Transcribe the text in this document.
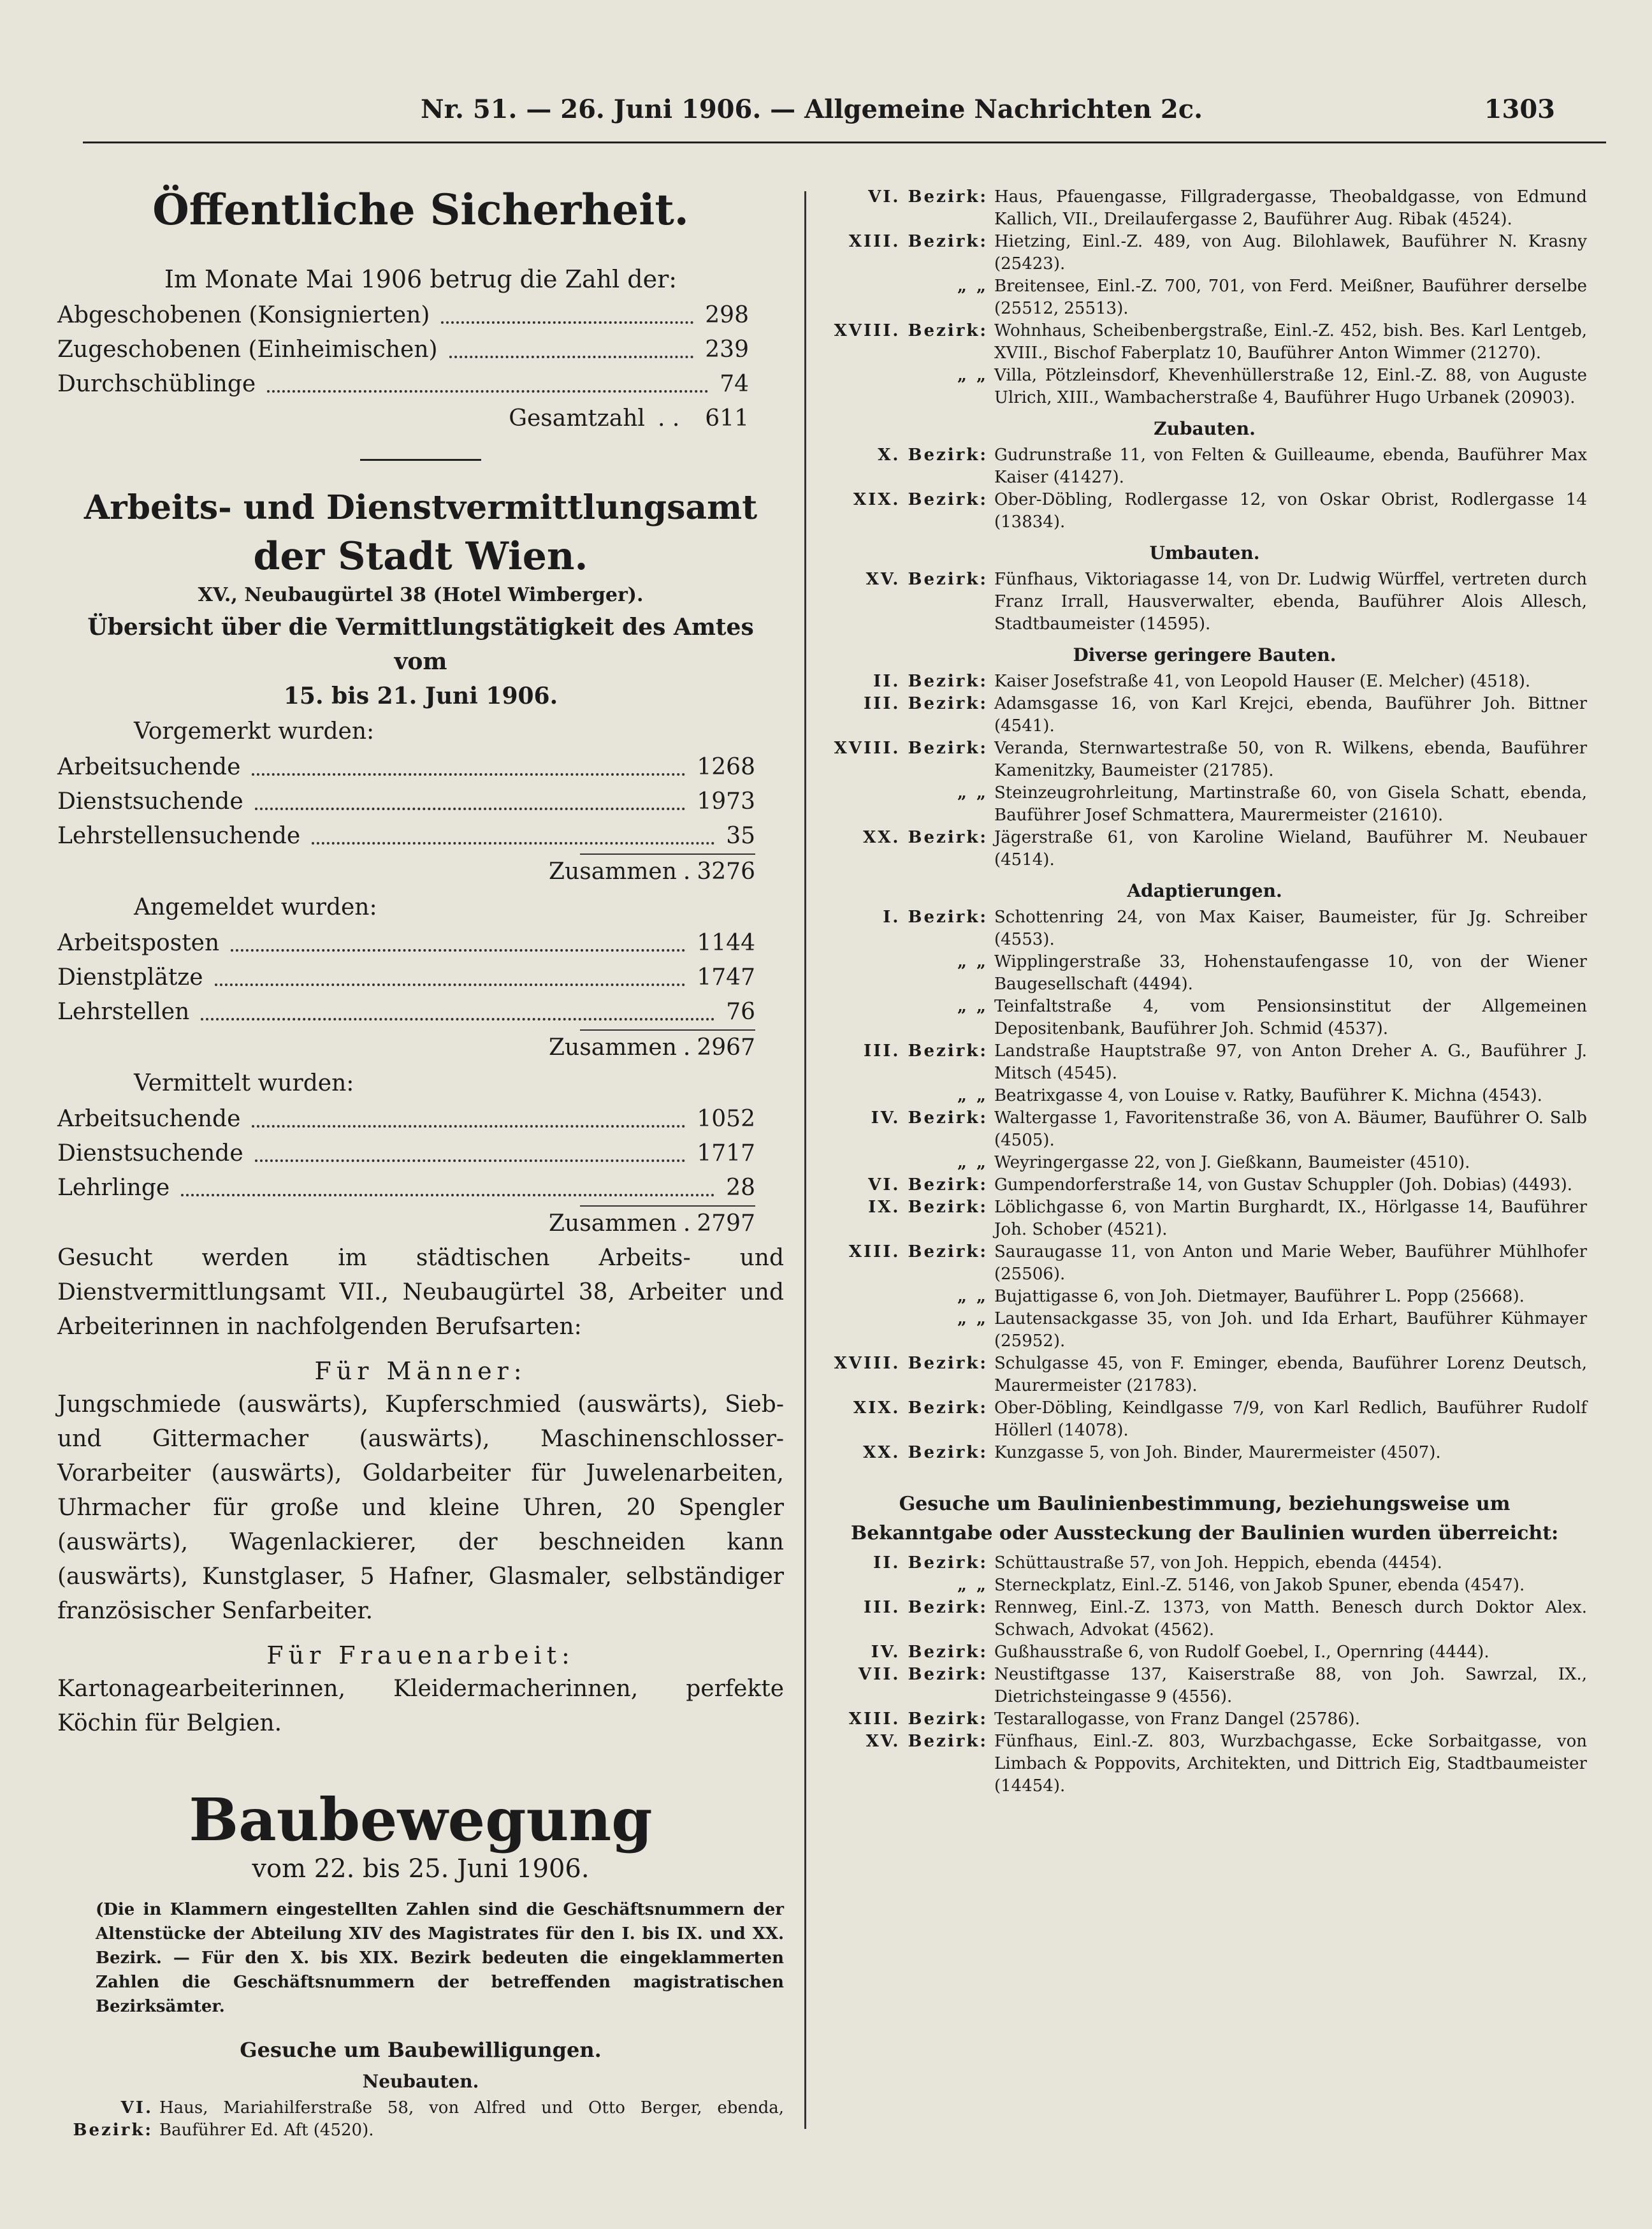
Nr. 51. — 26. Juni 1906. — Allgemeine Nachrichten 2c.	1303
Öffentliche Sicherheit.
Im Monate Mai 1906 betrug die Zahl der:
Abgeschobenen (Konsignierten)	298
Zugeschobenen (Einheimischen)	239
Durchschüblinge	74
Gesamtzahl . . 611
Arbeits- und Dienstvermittlungsamt
der Stadt Wien.
XV., Neubaugürtel 38 (Hotel Wimberger).
Übersicht über die Vermittlungstätigkeit des Amtes vom
15. bis 21. Juni 1906.
Vorgemerkt wurden:
Arbeitsuchende	1268
Dienstsuchende	1973
Lehrstellensuchende	35
Zusammen . 3276
Angemeldet wurden:
Arbeitsposten	1144
Dienstplätze	1747
Lehrstellen	76
Zusammen . 2967
Vermittelt wurden:
Arbeitsuchende	1052
Dienstsuchende	1717
Lehrlinge	28
Zusammen . 2797

Gesucht werden im städtischen Arbeits- und Dienstvermittlungsamt VII., Neubaugürtel 38, Arbeiter und Arbeiterinnen in nachfolgenden Berufsarten:

Für Männer:

Jungschmiede (auswärts), Kupferschmied (auswärts), Sieb- und Gittermacher (auswärts), Maschinenschlosser-Vorarbeiter (auswärts), Goldarbeiter für Juwelenarbeiten, Uhrmacher für große und kleine Uhren, 20 Spengler (auswärts), Wagenlackierer, der beschneiden kann (auswärts), Kunstglaser, 5 Hafner, Glasmaler, selbständiger französischer Senfarbeiter.

Für Frauenarbeit:

Kartonagearbeiterinnen, Kleidermacherinnen, perfekte Köchin für Belgien.

Baubewegung
vom 22. bis 25. Juni 1906.

(Die in Klammern eingestellten Zahlen sind die Geschäftsnummern der Altenstücke der Abteilung XIV des Magistrates für den I. bis IX. und XX. Bezirk. — Für den X. bis XIX. Bezirk bedeuten die eingeklammerten Zahlen die Geschäftsnummern der betreffenden magistratischen Bezirksämter.

Gesuche um Baubewilligungen.
Neubauten.
VI. Bezirk:
Haus, Mariahilferstraße 58, von Alfred und Otto Berger, ebenda, Bauführer Ed. Aft (4520).
VI. Bezirk: Haus, Pfauengasse, Fillgradergasse, Theobaldgasse, von Edmund Kallich, VII., Dreilaufergasse 2, Bauführer Aug. Ribak (4524).
XIII. Bezirk: Hietzing, Einl.-Z. 489, von Aug. Bilohlawek, Bauführer N. Krasny (25423).
„ „ Breitensee, Einl.-Z. 700, 701, von Ferd. Meißner, Bauführer derselbe (25512, 25513).
XVIII. Bezirk: Wohnhaus, Scheibenbergstraße, Einl.-Z. 452, bish. Bes. Karl Lentgeb, XVIII., Bischof Faberplatz 10, Bauführer Anton Wimmer (21270).
„ „ Villa, Pötzleinsdorf, Khevenhüllerstraße 12, Einl.-Z. 88, von Auguste Ulrich, XIII., Wambacherstraße 4, Bauführer Hugo Urbanek (20903).
Zubauten.
X. Bezirk: Gudrunstraße 11, von Felten & Guilleaume, ebenda, Bauführer Max Kaiser (41427).
XIX. Bezirk: Ober-Döbling, Rodlergasse 12, von Oskar Obrist, Rodlergasse 14 (13834).
Umbauten.
XV. Bezirk: Fünfhaus, Viktoriagasse 14, von Dr. Ludwig Würffel, vertreten durch Franz Irrall, Hausverwalter, ebenda, Bauführer Alois Allesch, Stadtbaumeister (14595).
Diverse geringere Bauten.
II. Bezirk: Kaiser Josefstraße 41, von Leopold Hauser (E. Melcher) (4518).
III. Bezirk: Adamsgasse 16, von Karl Krejci, ebenda, Bauführer Joh. Bittner (4541).
XVIII. Bezirk: Veranda, Sternwartestraße 50, von R. Wilkens, ebenda, Bauführer Kamenitzky, Baumeister (21785).
„ „ Steinzeugrohrleitung, Martinstraße 60, von Gisela Schatt, ebenda, Bauführer Josef Schmattera, Maurermeister (21610).
XX. Bezirk: Jägerstraße 61, von Karoline Wieland, Bauführer M. Neubauer (4514).
Adaptierungen.
I. Bezirk: Schottenring 24, von Max Kaiser, Baumeister, für Jg. Schreiber (4553).
„ „ Wipplingerstraße 33, Hohenstaufengasse 10, von der Wiener Baugesellschaft (4494).
„ „ Teinfaltstraße 4, vom Pensionsinstitut der Allgemeinen Depositenbank, Bauführer Joh. Schmid (4537).
III. Bezirk: Landstraße Hauptstraße 97, von Anton Dreher A. G., Bauführer J. Mitsch (4545).
„ „ Beatrixgasse 4, von Louise v. Ratky, Bauführer K. Michna (4543).
IV. Bezirk: Waltergasse 1, Favoritenstraße 36, von A. Bäumer, Bauführer O. Salb (4505).
„ „ Weyringergasse 22, von J. Gießkann, Baumeister (4510).
VI. Bezirk: Gumpendorferstraße 14, von Gustav Schuppler (Joh. Dobias) (4493).
IX. Bezirk: Löblichgasse 6, von Martin Burghardt, IX., Hörlgasse 14, Bauführer Joh. Schober (4521).
XIII. Bezirk: Sauraugasse 11, von Anton und Marie Weber, Bauführer Mühlhofer (25506).
„ „ Bujattigasse 6, von Joh. Dietmayer, Bauführer L. Popp (25668).
„ „ Lautensackgasse 35, von Joh. und Ida Erhart, Bauführer Kühmayer (25952).
XVIII. Bezirk: Schulgasse 45, von F. Eminger, ebenda, Bauführer Lorenz Deutsch, Maurermeister (21783).
XIX. Bezirk: Ober-Döbling, Keindlgasse 7/9, von Karl Redlich, Bauführer Rudolf Höllerl (14078).
XX. Bezirk: Kunzgasse 5, von Joh. Binder, Maurermeister (4507).
Gesuche um Baulinienbestimmung, beziehungsweise um Bekanntgabe oder Aussteckung der Baulinien wurden überreicht:
II. Bezirk: Schüttaustraße 57, von Joh. Heppich, ebenda (4454).
„ „ Sterneckplatz, Einl.-Z. 5146, von Jakob Spuner, ebenda (4547).
III. Bezirk: Rennweg, Einl.-Z. 1373, von Matth. Benesch durch Doktor Alex. Schwach, Advokat (4562).
IV. Bezirk: Gußhausstraße 6, von Rudolf Goebel, I., Opernring (4444).
VII. Bezirk: Neustiftgasse 137, Kaiserstraße 88, von Joh. Sawrzal, IX., Dietrichsteingasse 9 (4556).
XIII. Bezirk: Testarallogasse, von Franz Dangel (25786).
XV. Bezirk: Fünfhaus, Einl.-Z. 803, Wurzbachgasse, Ecke Sorbaitgasse, von Limbach & Poppovits, Architekten, und Dittrich Eig, Stadtbaumeister (14454).
